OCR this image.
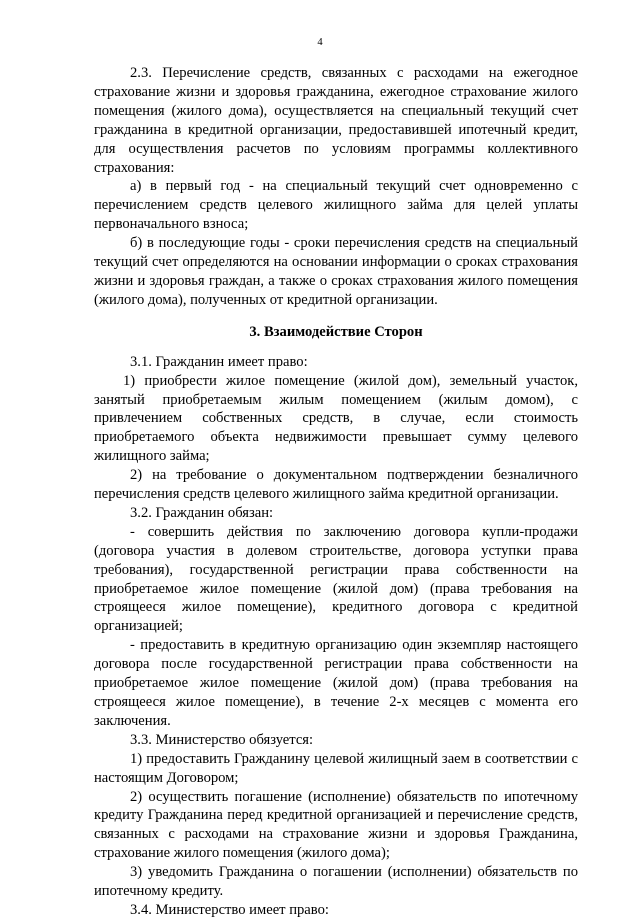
4

2.3. Перечисление средств, связанных с расходами на ежегодное страхование жизни и здоровья гражданина, ежегодное страхование жилого помещения (жилого дома), осуществляется на специальный текущий счет гражданина в кредитной организации, предоставившей ипотечный кредит, для осуществления расчетов по условиям программы коллективного страхования:

а) в первый год - на специальный текущий счет одновременно с перечислением средств целевого жилищного займа для целей уплаты первоначального взноса;

б) в последующие годы - сроки перечисления средств на специальный текущий счет определяются на основании информации о сроках страхования жизни и здоровья граждан, а также о сроках страхования жилого помещения (жилого дома), полученных от кредитной организации.

3. Взаимодействие Сторон

3.1. Гражданин имеет право:

1) приобрести жилое помещение (жилой дом), земельный участок, занятый приобретаемым жилым помещением (жилым домом), с привлечением собственных средств, в случае, если стоимость приобретаемого объекта недвижимости превышает сумму целевого жилищного займа;

2) на требование о документальном подтверждении безналичного перечисления средств целевого жилищного займа кредитной организации.

3.2. Гражданин обязан:

- совершить действия по заключению договора купли-продажи (договора участия в долевом строительстве, договора уступки права требования), государственной регистрации права собственности на приобретаемое жилое помещение (жилой дом) (права требования на строящееся жилое помещение), кредитного договора с кредитной организацией;

- предоставить в кредитную организацию один экземпляр настоящего договора после государственной регистрации права собственности на приобретаемое жилое помещение (жилой дом) (права требования на строящееся жилое помещение), в течение 2-х месяцев с момента его заключения.

3.3. Министерство обязуется:

1) предоставить Гражданину целевой жилищный заем в соответствии с настоящим Договором;

2) осуществить погашение (исполнение) обязательств по ипотечному кредиту Гражданина перед кредитной организацией и перечисление средств, связанных с расходами на страхование жизни и здоровья Гражданина, страхование жилого помещения (жилого дома);

3) уведомить Гражданина о погашении (исполнении) обязательств по ипотечному кредиту.

3.4. Министерство имеет право:
